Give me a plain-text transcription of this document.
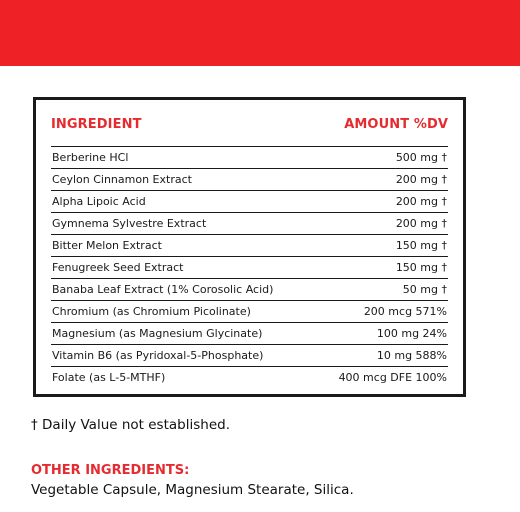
INGREDIENT	AMOUNT %DV
Berberine HCl	500 mg †
Ceylon Cinnamon Extract	200 mg †
Alpha Lipoic Acid	200 mg †
Gymnema Sylvestre Extract	200 mg †
Bitter Melon Extract	150 mg †
Fenugreek Seed Extract	150 mg †
Banaba Leaf Extract (1% Corosolic Acid)	50 mg †
Chromium (as Chromium Picolinate)	200 mcg 571%
Magnesium (as Magnesium Glycinate)	100 mg 24%
Vitamin B6 (as Pyridoxal-5-Phosphate)	10 mg 588%
Folate (as L-5-MTHF)	400 mcg DFE 100%
† Daily Value not established.
OTHER INGREDIENTS:
Vegetable Capsule, Magnesium Stearate, Silica.
